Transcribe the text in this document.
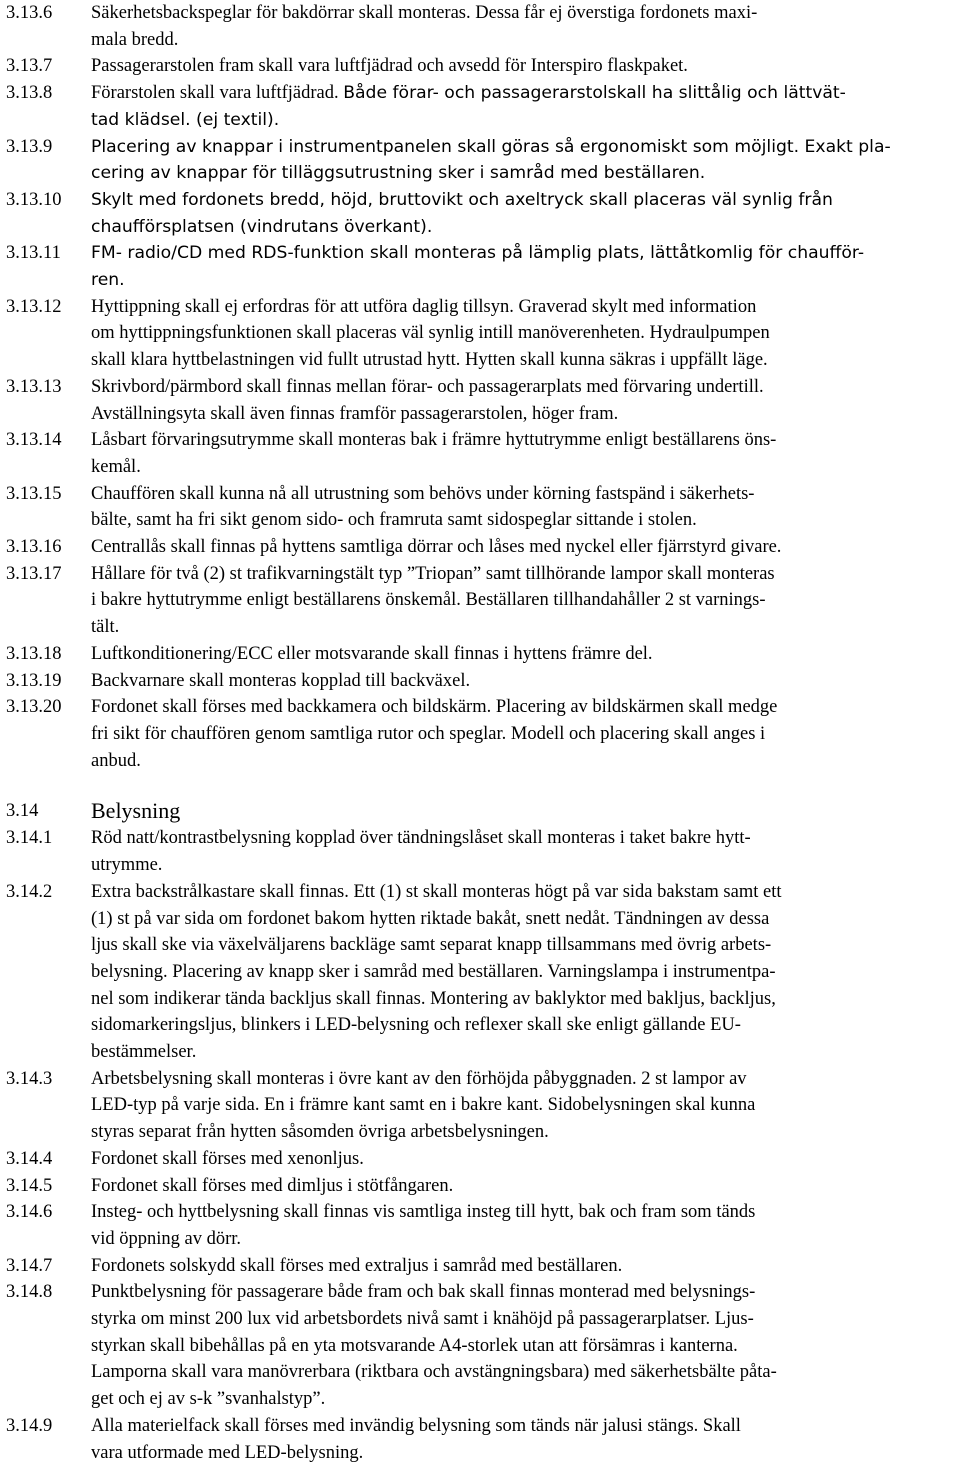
3.13.6	Säkerhetsbackspeglar för bakdörrar skall monteras. Dessa får ej överstiga fordonets maxi-
mala bredd.
3.13.7	Passagerarstolen fram skall vara luftfjädrad och avsedd för Interspiro flaskpaket.
3.13.8	Förarstolen skall vara luftfjädrad. Både förar- och passagerarstolskall ha slittålig och lättvät-
tad klädsel. (ej textil).
3.13.9	Placering av knappar i instrumentpanelen skall göras så ergonomiskt som möjligt. Exakt pla-
cering av knappar för tilläggsutrustning sker i samråd med beställaren.
3.13.10	Skylt med fordonets bredd, höjd, bruttovikt och axeltryck skall placeras väl synlig från
chaufförsplatsen (vindrutans överkant).
3.13.11	FM- radio/CD med RDS-funktion skall monteras på lämplig plats, lättåtkomlig för chaufför-
ren.
3.13.12	Hyttippning skall ej erfordras för att utföra daglig tillsyn. Graverad skylt med information
om hyttippningsfunktionen skall placeras väl synlig intill manöverenheten. Hydraulpumpen
skall klara hyttbelastningen vid fullt utrustad hytt. Hytten skall kunna säkras i uppfällt läge.
3.13.13	Skrivbord/pärmbord skall finnas mellan förar- och passagerarplats med förvaring undertill.
Avställningsyta skall även finnas framför passagerarstolen, höger fram.
3.13.14	Låsbart förvaringsutrymme skall monteras bak i främre hyttutrymme enligt beställarens öns-
kemål.
3.13.15	Chauffören skall kunna nå all utrustning som behövs under körning fastspänd i säkerhets-
bälte, samt ha fri sikt genom sido- och framruta samt sidospeglar sittande i stolen.
3.13.16	Centrallås skall finnas på hyttens samtliga dörrar och låses med nyckel eller fjärrstyrd givare.
3.13.17	Hållare för två (2) st trafikvarningstält typ ”Triopan” samt tillhörande lampor skall monteras
i bakre hyttutrymme enligt beställarens önskemål. Beställaren tillhandahåller 2 st varnings-
tält.
3.13.18	Luftkonditionering/ECC eller motsvarande skall finnas i hyttens främre del.
3.13.19	Backvarnare skall monteras kopplad till backväxel.
3.13.20	Fordonet skall förses med backkamera och bildskärm. Placering av bildskärmen skall medge
fri sikt för chauffören genom samtliga rutor och speglar. Modell och placering skall anges i
anbud.
3.14	Belysning
3.14.1	Röd natt/kontrastbelysning kopplad över tändningslåset skall monteras i taket bakre hytt-
utrymme.
3.14.2	Extra backstrålkastare skall finnas. Ett (1) st skall monteras högt på var sida bakstam samt ett
(1) st på var sida om fordonet bakom hytten riktade bakåt, snett nedåt. Tändningen av dessa
ljus skall ske via växelväljarens backläge samt separat knapp tillsammans med övrig arbets-
belysning. Placering av knapp sker i samråd med beställaren. Varningslampa i instrumentpa-
nel som indikerar tända backljus skall finnas. Montering av baklyktor med bakljus, backljus,
sidomarkeringsljus, blinkers i LED-belysning och reflexer skall ske enligt gällande EU-
bestämmelser.
3.14.3	Arbetsbelysning skall monteras i övre kant av den förhöjda påbyggnaden. 2 st lampor av
LED-typ på varje sida. En i främre kant samt en i bakre kant. Sidobelysningen skal kunna
styras separat från hytten såsomden övriga arbetsbelysningen.
3.14.4	Fordonet skall förses med xenonljus.
3.14.5	Fordonet skall förses med dimljus i stötfångaren.
3.14.6	Insteg- och hyttbelysning skall finnas vis samtliga insteg till hytt, bak och fram som tänds
vid öppning av dörr.
3.14.7	Fordonets solskydd skall förses med extraljus i samråd med beställaren.
3.14.8	Punktbelysning för passagerare både fram och bak skall finnas monterad med belysnings-
styrka om minst 200 lux vid arbetsbordets nivå samt i knähöjd på passagerarplatser. Ljus-
styrkan skall bibehållas på en yta motsvarande A4-storlek utan att försämras i kanterna.
Lamporna skall vara manövrerbara (riktbara och avstängningsbara) med säkerhetsbälte påta-
get och ej av s-k ”svanhalstyp”.
3.14.9	Alla materielfack skall förses med invändig belysning som tänds när jalusi stängs. Skall
vara utformade med LED-belysning.
